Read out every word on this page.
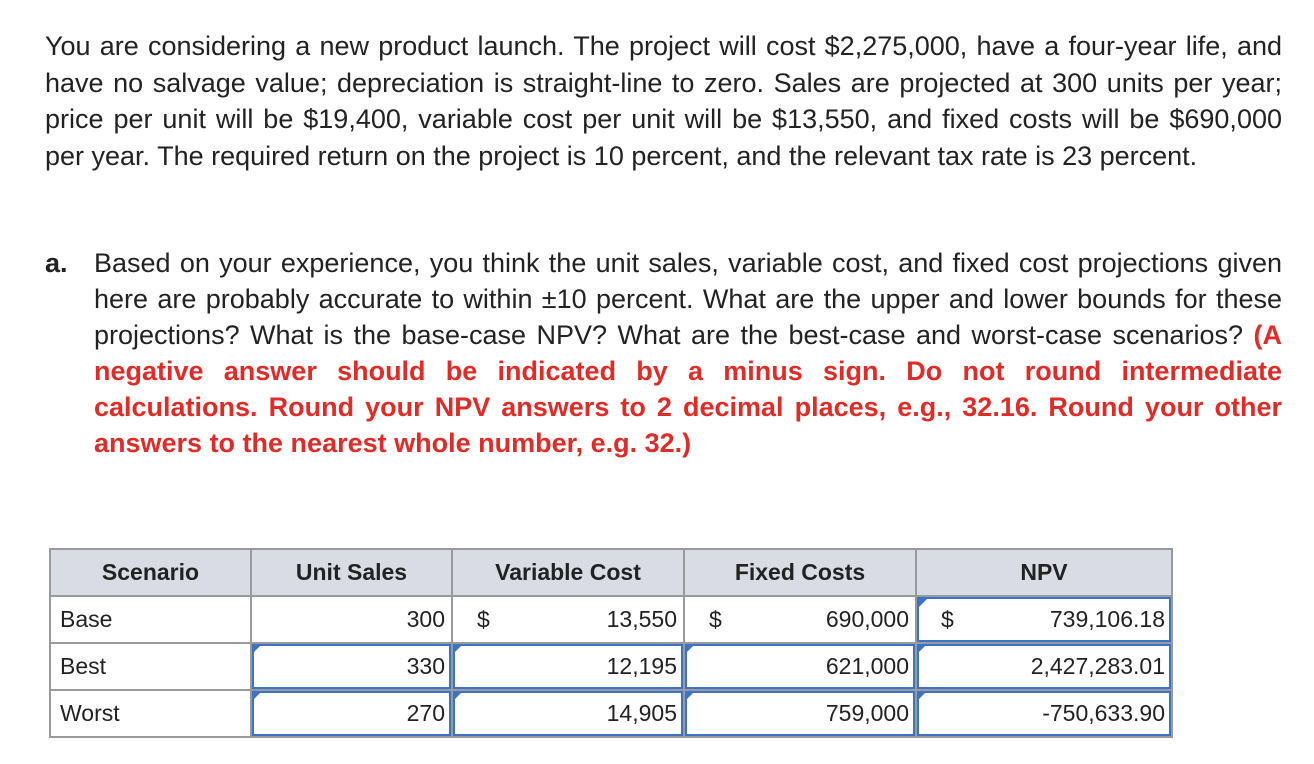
You are considering a new product launch. The project will cost $2,275,000, have a four-year life, and have no salvage value; depreciation is straight-line to zero. Sales are projected at 300 units per year; price per unit will be $19,400, variable cost per unit will be $13,550, and fixed costs will be $690,000 per year. The required return on the project is 10 percent, and the relevant tax rate is 23 percent.

a. Based on your experience, you think the unit sales, variable cost, and fixed cost projections given here are probably accurate to within ±10 percent. What are the upper and lower bounds for these projections? What is the base-case NPV? What are the best-case and worst-case scenarios? (A negative answer should be indicated by a minus sign. Do not round intermediate calculations. Round your NPV answers to 2 decimal places, e.g., 32.16. Round your other answers to the nearest whole number, e.g. 32.)
Scenario	Unit Sales	Variable Cost	Fixed Costs	NPV
Base	300	$ 13,550	$ 690,000	$ 739,106.18

Best	330	12,195	621,000	2,427,283.01

Worst	270	14,905	759,000	-750,633.90
